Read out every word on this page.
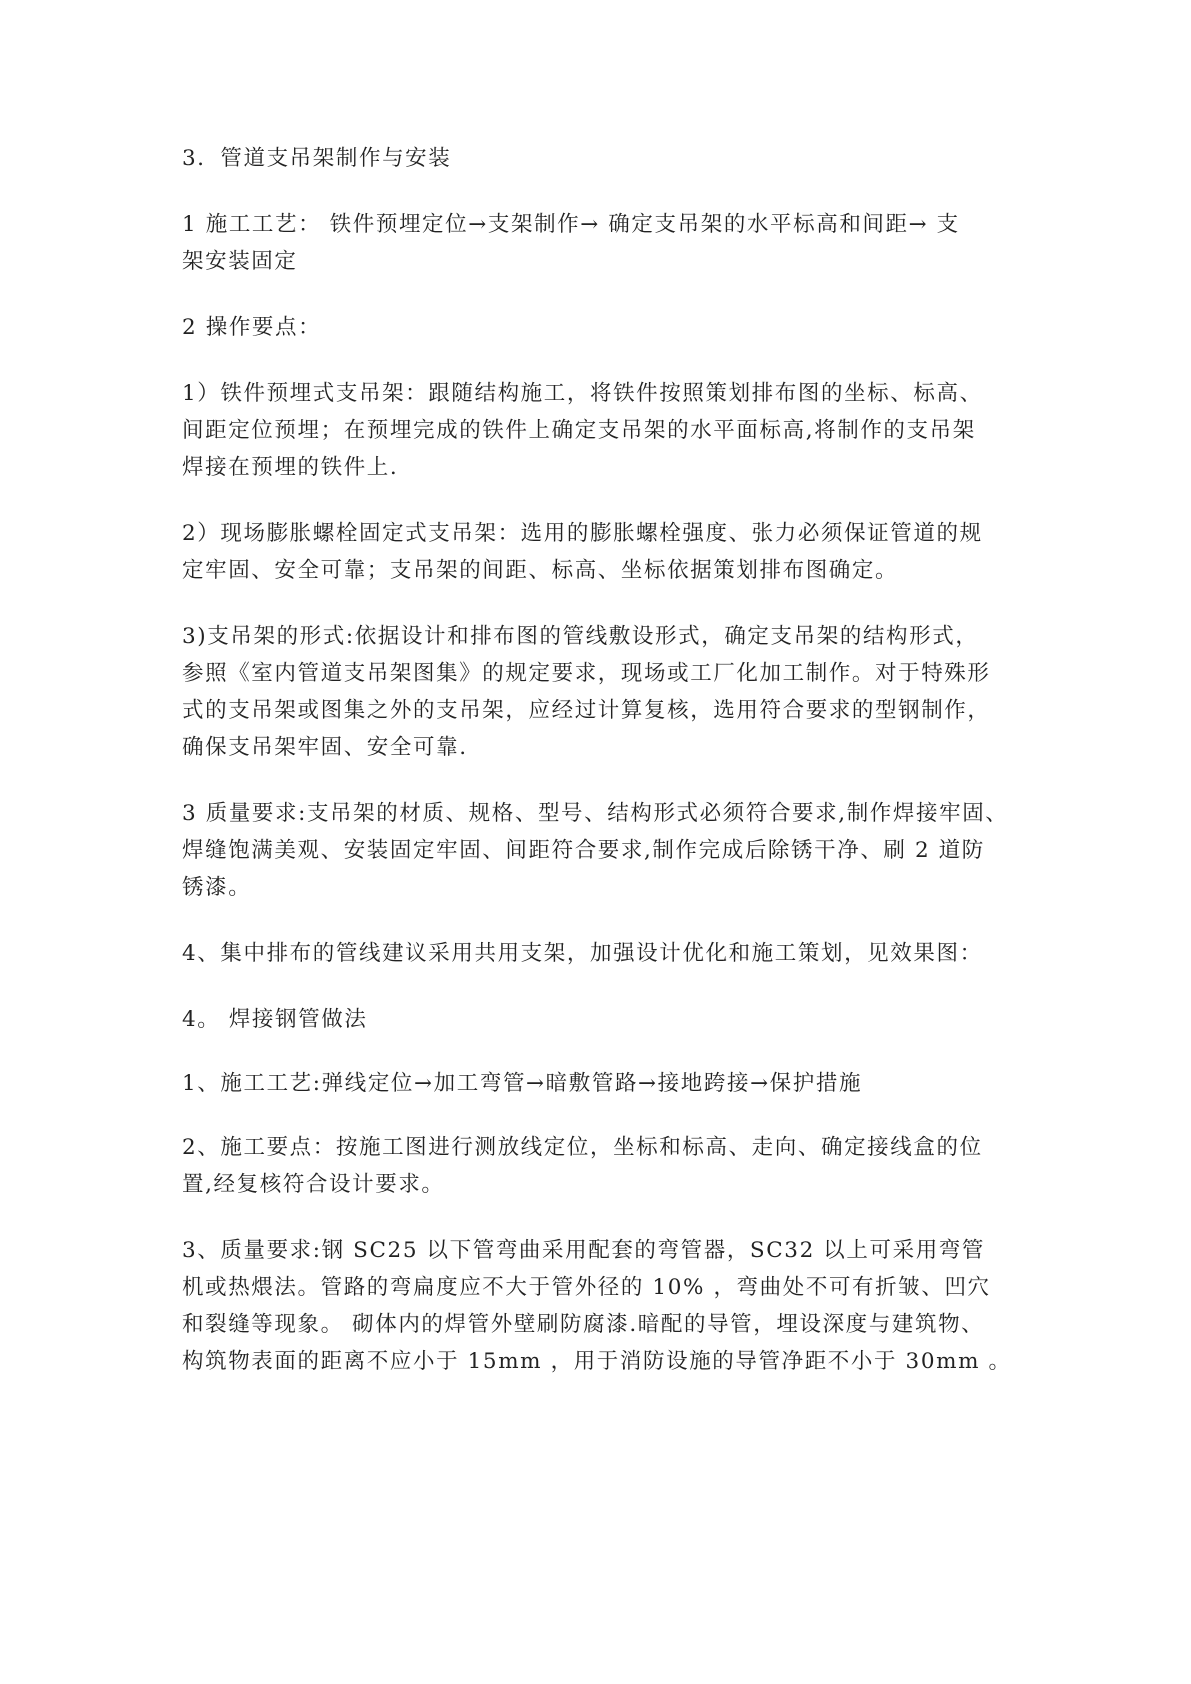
3．管道支吊架制作与安装

1 施工工艺： 铁件预埋定位→支架制作→ 确定支吊架的水平标高和间距→ 支
架安装固定

2 操作要点：

1）铁件预埋式支吊架：跟随结构施工，将铁件按照策划排布图的坐标、标高、
间距定位预埋；在预埋完成的铁件上确定支吊架的水平面标高,将制作的支吊架
焊接在预埋的铁件上.

2）现场膨胀螺栓固定式支吊架：选用的膨胀螺栓强度、张力必须保证管道的规
定牢固、安全可靠；支吊架的间距、标高、坐标依据策划排布图确定。

3)支吊架的形式:依据设计和排布图的管线敷设形式，确定支吊架的结构形式，
参照《室内管道支吊架图集》的规定要求，现场或工厂化加工制作。对于特殊形
式的支吊架或图集之外的支吊架，应经过计算复核，选用符合要求的型钢制作，
确保支吊架牢固、安全可靠.

3 质量要求:支吊架的材质、规格、型号、结构形式必须符合要求,制作焊接牢固、
焊缝饱满美观、安装固定牢固、间距符合要求,制作完成后除锈干净、刷 2 道防
锈漆。

4、集中排布的管线建议采用共用支架，加强设计优化和施工策划，见效果图：

4。 焊接钢管做法

1、施工工艺:弹线定位→加工弯管→暗敷管路→接地跨接→保护措施

2、施工要点：按施工图进行测放线定位，坐标和标高、走向、确定接线盒的位
置,经复核符合设计要求。

3、质量要求:钢 SC25 以下管弯曲采用配套的弯管器，SC32 以上可采用弯管
机或热煨法。管路的弯扁度应不大于管外径的 10% ，弯曲处不可有折皱、凹穴
和裂缝等现象。 砌体内的焊管外壁刷防腐漆.暗配的导管，埋设深度与建筑物、
构筑物表面的距离不应小于 15mm ，用于消防设施的导管净距不小于 30mm 。
